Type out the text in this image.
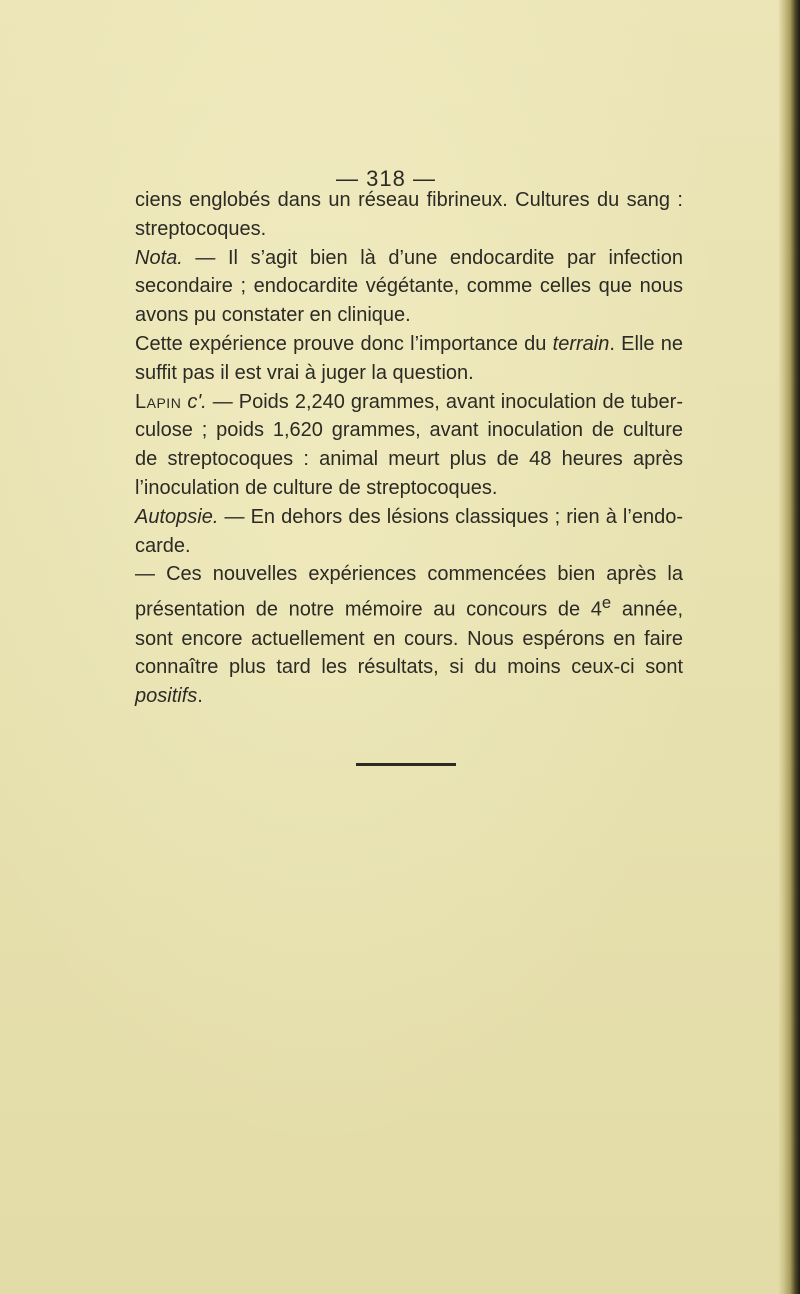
— 318 —

ciens englobés dans un réseau fibrineux. Cultures du sang : streptocoques.

Nota. — Il s’agit bien là d’une endocardite par infection secondaire ; endocardite végétante, comme celles que nous avons pu constater en clinique.

Cette expérience prouve donc l’importance du terrain. Elle ne suffit pas il est vrai à juger la question.

Lapin c'. — Poids 2,240 grammes, avant inoculation de tuberculose ; poids 1,620 grammes, avant inoculation de culture de streptocoques : animal meurt plus de 48 heures après l’inoculation de culture de streptocoques.

Autopsie. — En dehors des lésions classiques ; rien à l’endocarde.

— Ces nouvelles expériences commencées bien après la présentation de notre mémoire au concours de 4e année, sont encore actuellement en cours. Nous espérons en faire connaître plus tard les résultats, si du moins ceux-ci sont positifs.
